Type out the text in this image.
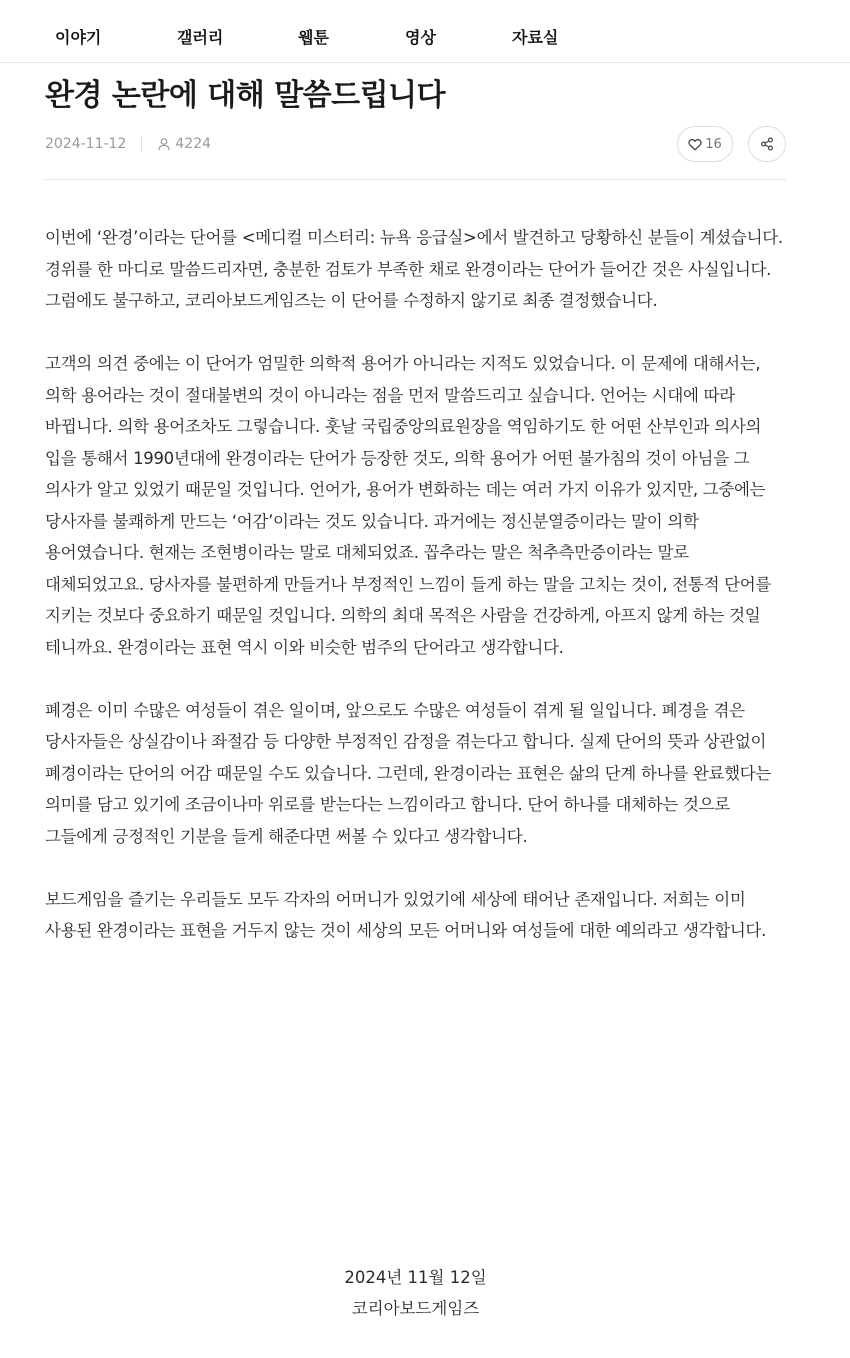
이야기	갤러리	웹툰	영상	자료실
완경 논란에 대해 말씀드립니다
2024-11-12	4224	16

이번에 ‘완경’이라는 단어를 <메디컬 미스터리: 뉴욕 응급실>에서 발견하고 당황하신 분들이 계셨습니다. 경위를 한 마디로 말씀드리자면, 충분한 검토가 부족한 채로 완경이라는 단어가 들어간 것은 사실입니다. 그럼에도 불구하고, 코리아보드게임즈는 이 단어를 수정하지 않기로 최종 결정했습니다.

고객의 의견 중에는 이 단어가 엄밀한 의학적 용어가 아니라는 지적도 있었습니다. 이 문제에 대해서는, 의학 용어라는 것이 절대불변의 것이 아니라는 점을 먼저 말씀드리고 싶습니다. 언어는 시대에 따라 바뀝니다. 의학 용어조차도 그렇습니다. 훗날 국립중앙의료원장을 역임하기도 한 어떤 산부인과 의사의 입을 통해서 1990년대에 완경이라는 단어가 등장한 것도, 의학 용어가 어떤 불가침의 것이 아님을 그 의사가 알고 있었기 때문일 것입니다. 언어가, 용어가 변화하는 데는 여러 가지 이유가 있지만, 그중에는 당사자를 불쾌하게 만드는 ‘어감’이라는 것도 있습니다. 과거에는 정신분열증이라는 말이 의학 용어였습니다. 현재는 조현병이라는 말로 대체되었죠. 꼽추라는 말은 척추측만증이라는 말로 대체되었고요. 당사자를 불편하게 만들거나 부정적인 느낌이 들게 하는 말을 고치는 것이, 전통적 단어를 지키는 것보다 중요하기 때문일 것입니다. 의학의 최대 목적은 사람을 건강하게, 아프지 않게 하는 것일 테니까요. 완경이라는 표현 역시 이와 비슷한 범주의 단어라고 생각합니다.

폐경은 이미 수많은 여성들이 겪은 일이며, 앞으로도 수많은 여성들이 겪게 될 일입니다. 폐경을 겪은 당사자들은 상실감이나 좌절감 등 다양한 부정적인 감정을 겪는다고 합니다. 실제 단어의 뜻과 상관없이 폐경이라는 단어의 어감 때문일 수도 있습니다. 그런데, 완경이라는 표현은 삶의 단계 하나를 완료했다는 의미를 담고 있기에 조금이나마 위로를 받는다는 느낌이라고 합니다. 단어 하나를 대체하는 것으로 그들에게 긍정적인 기분을 들게 해준다면 써볼 수 있다고 생각합니다.

보드게임을 즐기는 우리들도 모두 각자의 어머니가 있었기에 세상에 태어난 존재입니다. 저희는 이미 사용된 완경이라는 표현을 거두지 않는 것이 세상의 모든 어머니와 여성들에 대한 예의라고 생각합니다.

2024년 11월 12일
코리아보드게임즈
